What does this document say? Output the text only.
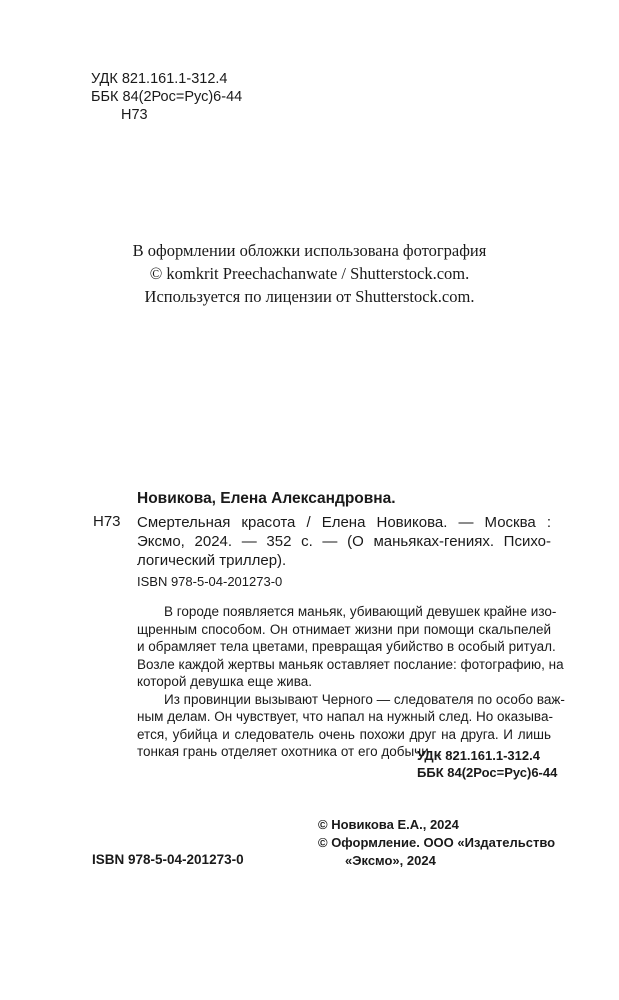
УДК 821.161.1-312.4
ББК 84(2Рос=Рус)6-44
Н73
В оформлении обложки использована фотография
© komkrit Preechachanwate / Shutterstock.com.
Используется по лицензии от Shutterstock.com.
Новикова, Елена Александровна.
Н73 Смертельная красота / Елена Новикова. — Москва :
Эксмо, 2024. — 352 с. — (О маньяках-гениях. Психо-
логический триллер).
ISBN 978-5-04-201273-0
В городе появляется маньяк, убивающий девушек крайне изо-
щренным способом. Он отнимает жизни при помощи скальпелей
и обрамляет тела цветами, превращая убийство в особый ритуал.
Возле каждой жертвы маньяк оставляет послание: фотографию, на
которой девушка еще жива.
Из провинции вызывают Черного — следователя по особо важ-
ным делам. Он чувствует, что напал на нужный след. Но оказыва-
ется, убийца и следователь очень похожи друг на друга. И лишь
тонкая грань отделяет охотника от его добычи…
УДК 821.161.1-312.4
ББК 84(2Рос=Рус)6-44
© Новикова Е.А., 2024
© Оформление. ООО «Издательство
«Эксмо», 2024
ISBN 978-5-04-201273-0
